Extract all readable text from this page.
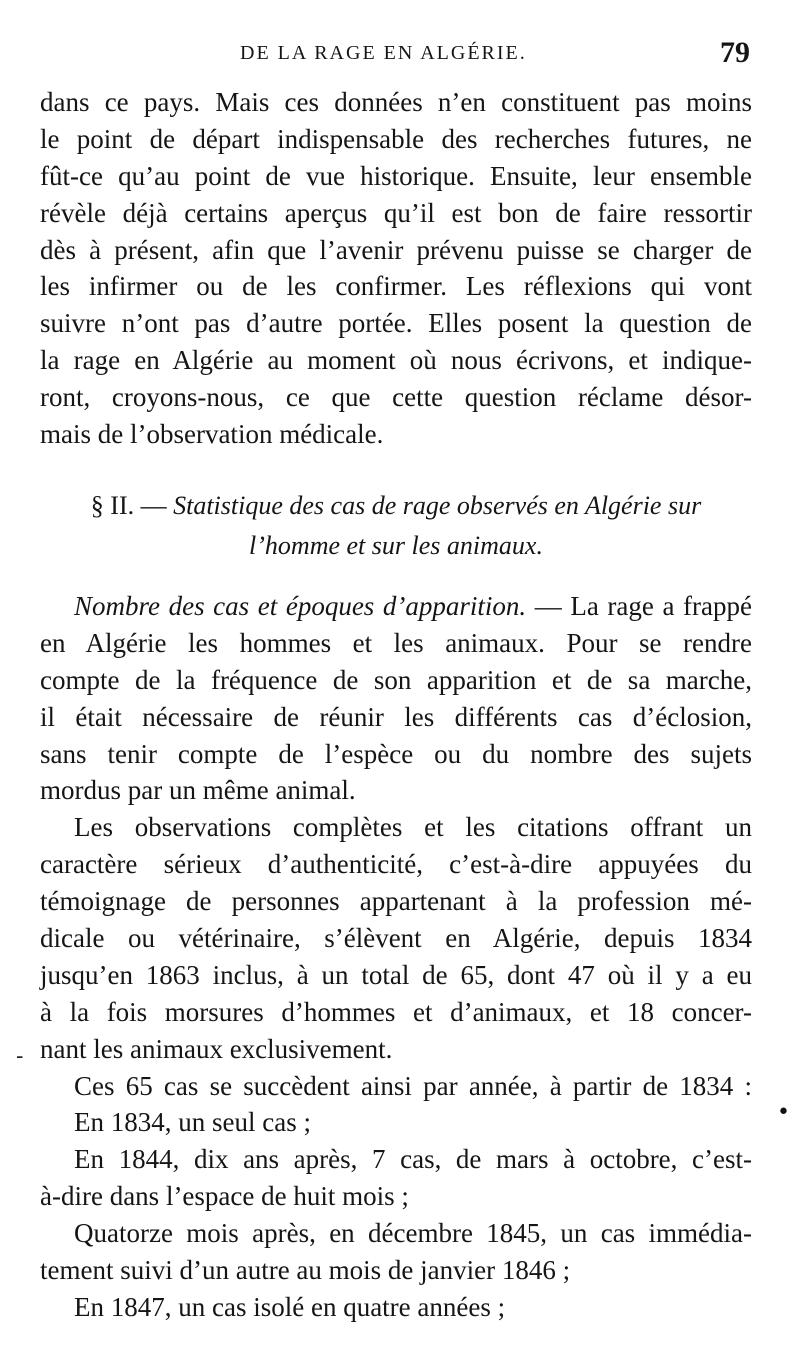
DE LA RAGE EN ALGÉRIE.	79
dans ce pays. Mais ces données n’en constituent pas moins
le point de départ indispensable des recherches futures, ne
fût-ce qu’au point de vue historique. Ensuite, leur ensemble
révèle déjà certains aperçus qu’il est bon de faire ressortir
dès à présent, afin que l’avenir prévenu puisse se charger de
les infirmer ou de les confirmer. Les réflexions qui vont
suivre n’ont pas d’autre portée. Elles posent la question de
la rage en Algérie au moment où nous écrivons, et indique-
ront, croyons-nous, ce que cette question réclame désor-
mais de l’observation médicale.
§ II. — Statistique des cas de rage observés en Algérie sur
l’homme et sur les animaux.
Nombre des cas et époques d’apparition. — La rage a frappé
en Algérie les hommes et les animaux. Pour se rendre
compte de la fréquence de son apparition et de sa marche,
il était nécessaire de réunir les différents cas d’éclosion,
sans tenir compte de l’espèce ou du nombre des sujets
mordus par un même animal.
Les observations complètes et les citations offrant un
caractère sérieux d’authenticité, c’est-à-dire appuyées du
témoignage de personnes appartenant à la profession mé-
dicale ou vétérinaire, s’élèvent en Algérie, depuis 1834
jusqu’en 1863 inclus, à un total de 65, dont 47 où il y a eu
à la fois morsures d’hommes et d’animaux, et 18 concer-
nant les animaux exclusivement.
Ces 65 cas se succèdent ainsi par année, à partir de 1834 :
En 1834, un seul cas ;
En 1844, dix ans après, 7 cas, de mars à octobre, c’est-
à-dire dans l’espace de huit mois ;
Quatorze mois après, en décembre 1845, un cas immédia-
tement suivi d’un autre au mois de janvier 1846 ;
En 1847, un cas isolé en quatre années ;
-
•
